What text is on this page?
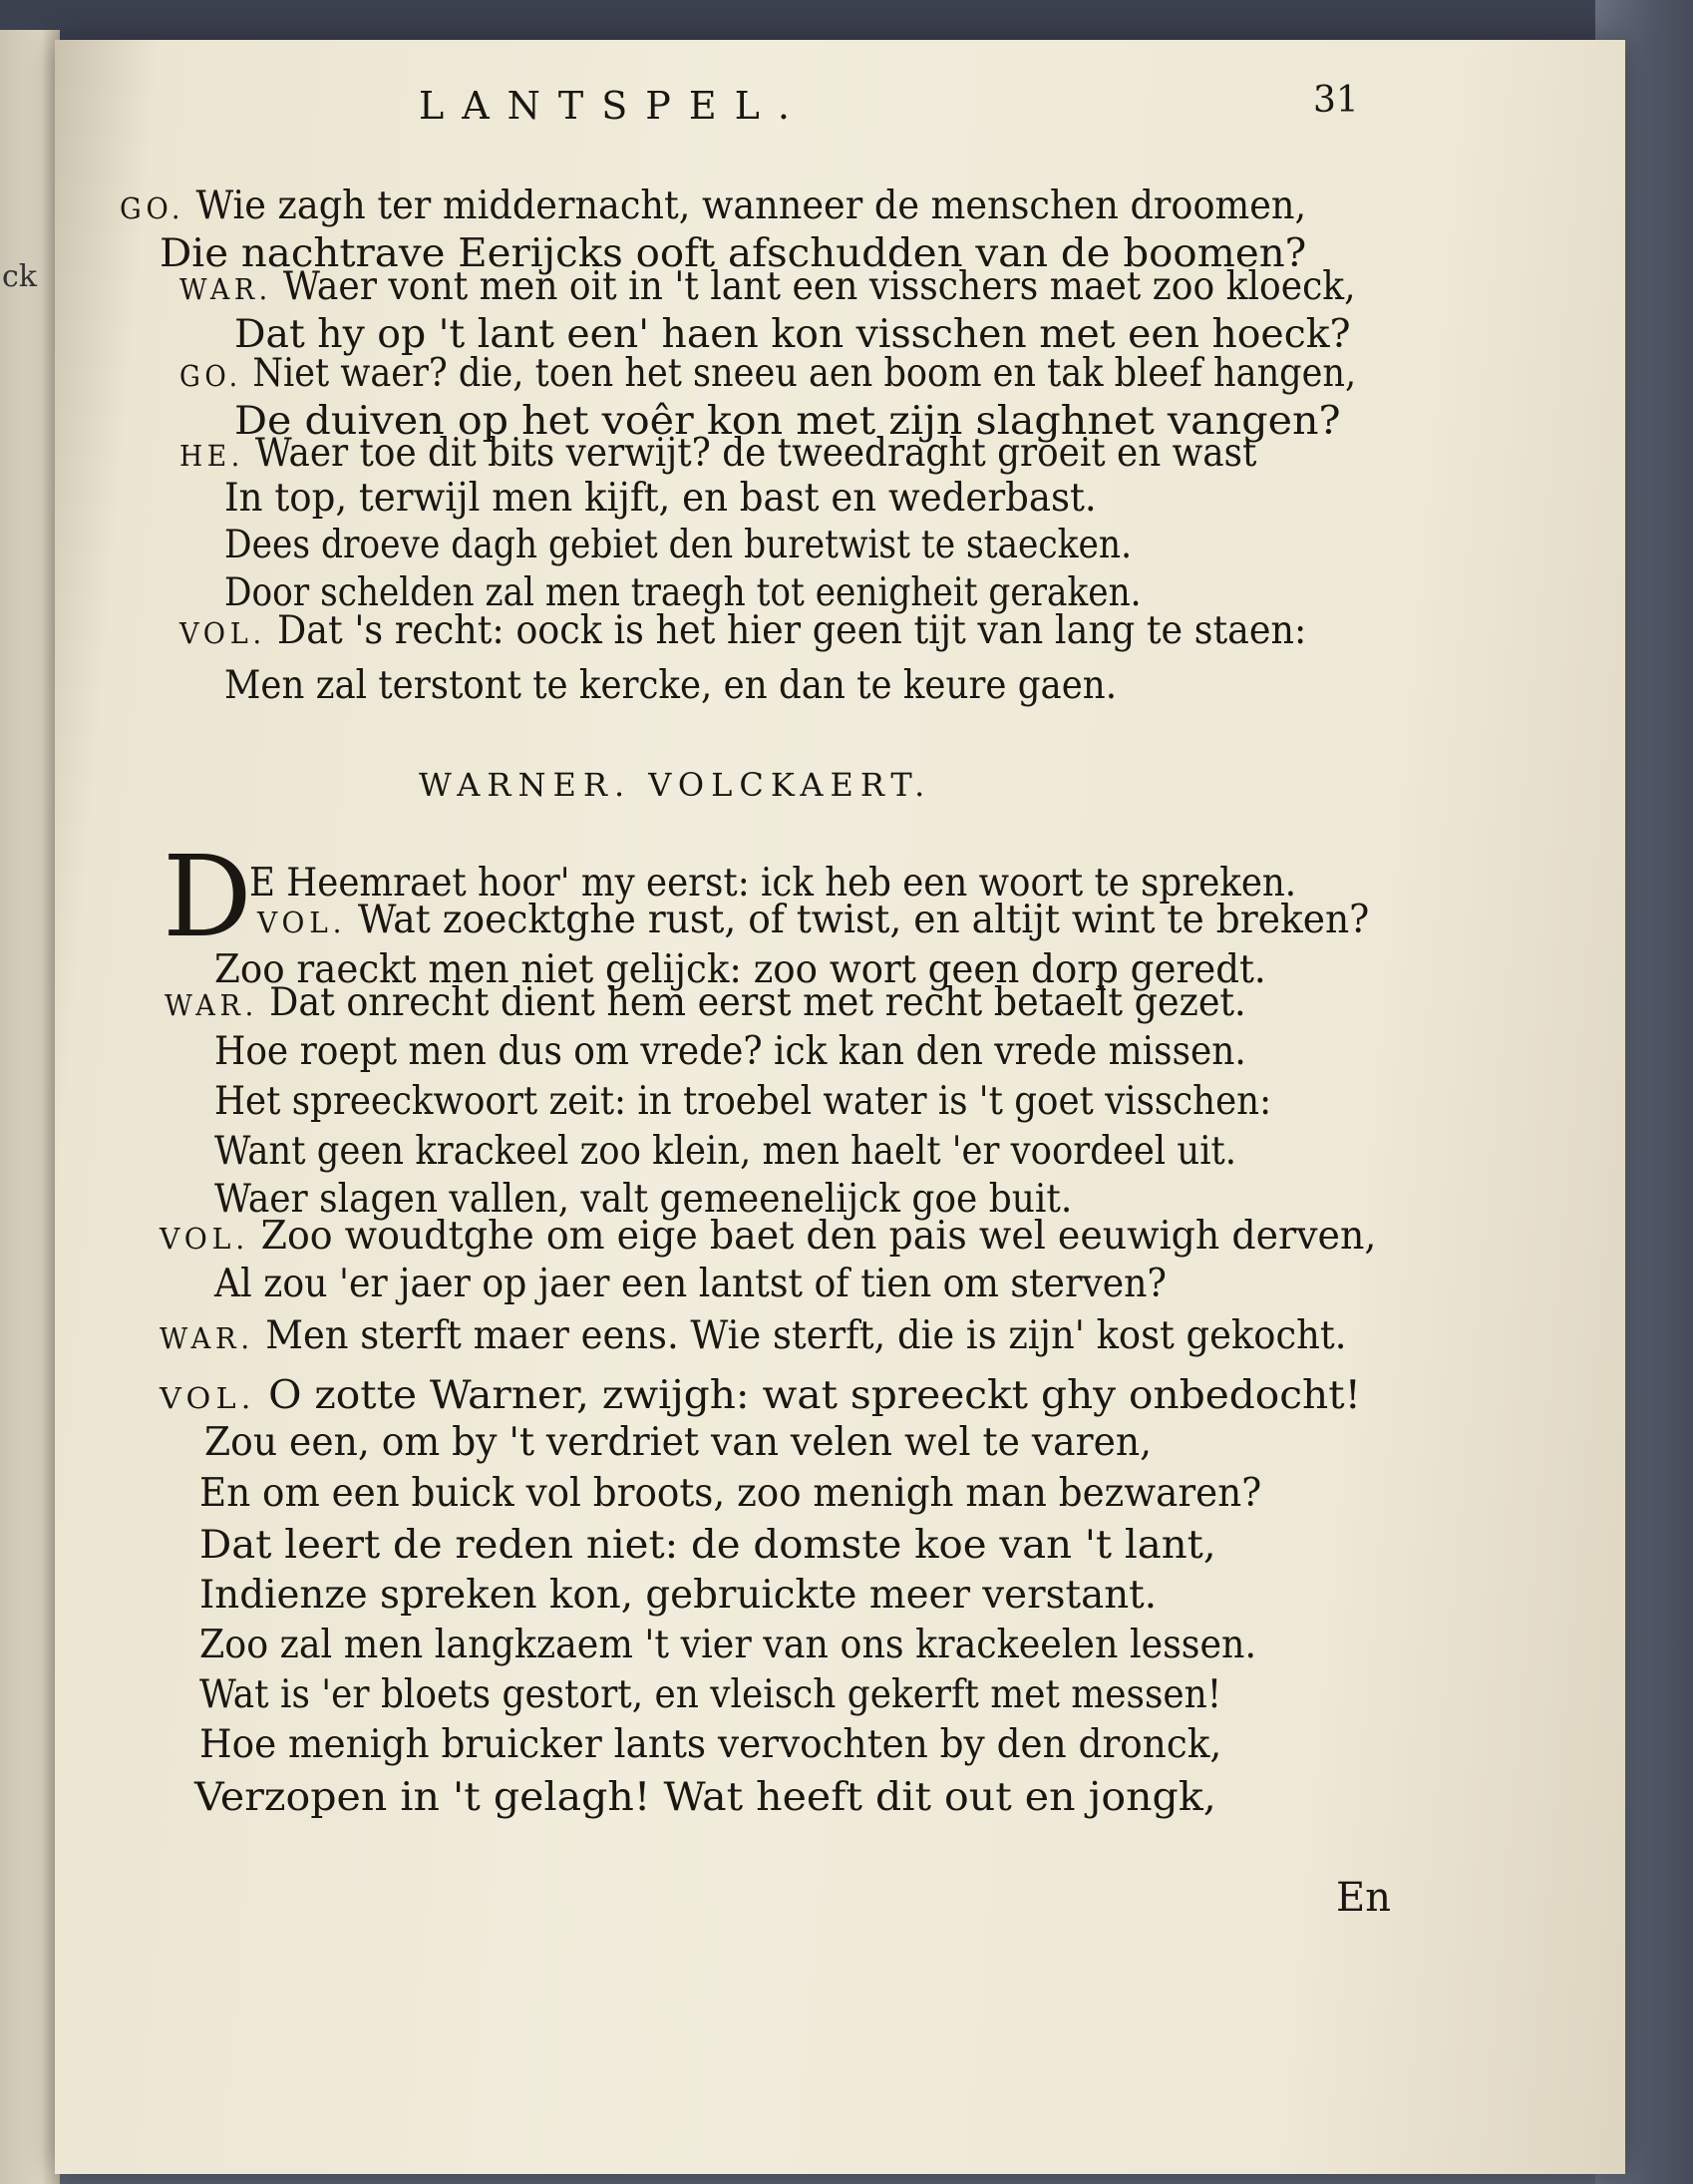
ck
LANTSPEL.	31
GO. Wie zagh ter middernacht, wanneer de menschen droomen,
Die nachtrave Eerijcks ooft afschudden van de boomen?
WAR. Waer vont men oit in 't lant een visschers maet zoo kloeck,
Dat hy op 't lant een' haen kon visschen met een hoeck?
GO. Niet waer? die, toen het sneeu aen boom en tak bleef hangen,
De duiven op het voêr kon met zijn slaghnet vangen?
HE. Waer toe dit bits verwijt? de tweedraght groeit en wast
In top, terwijl men kijft, en bast en wederbast.
Dees droeve dagh gebiet den buretwist te staecken.
Door schelden zal men traegh tot eenigheit geraken.
VOL. Dat 's recht: oock is het hier geen tijt van lang te staen:
Men zal terstont te kercke, en dan te keure gaen.
E Heemraet hoor' my eerst: ick heb een woort te spreken.
VOL. Wat zoecktghe rust, of twist, en altijt wint te breken?
Zoo raeckt men niet gelijck: zoo wort geen dorp geredt.
WAR. Dat onrecht dient hem eerst met recht betaelt gezet.
Hoe roept men dus om vrede? ick kan den vrede missen.
Het spreeckwoort zeit: in troebel water is 't goet visschen:
Want geen krackeel zoo klein, men haelt 'er voordeel uit.
Waer slagen vallen, valt gemeenelijck goe buit.
VOL. Zoo woudtghe om eige baet den pais wel eeuwigh derven,
Al zou 'er jaer op jaer een lantst of tien om sterven?
WAR. Men sterft maer eens. Wie sterft, die is zijn' kost gekocht.
VOL. O zotte Warner, zwijgh: wat spreeckt ghy onbedocht!
Zou een, om by 't verdriet van velen wel te varen,
En om een buick vol broots, zoo menigh man bezwaren?
Dat leert de reden niet: de domste koe van 't lant,
Indienze spreken kon, gebruickte meer verstant.
Zoo zal men langkzaem 't vier van ons krackeelen lessen.
Wat is 'er bloets gestort, en vleisch gekerft met messen!
Hoe menigh bruicker lants vervochten by den dronck,
Verzopen in 't gelagh! Wat heeft dit out en jongk,
WARNER. VOLCKAERT.
D
En
